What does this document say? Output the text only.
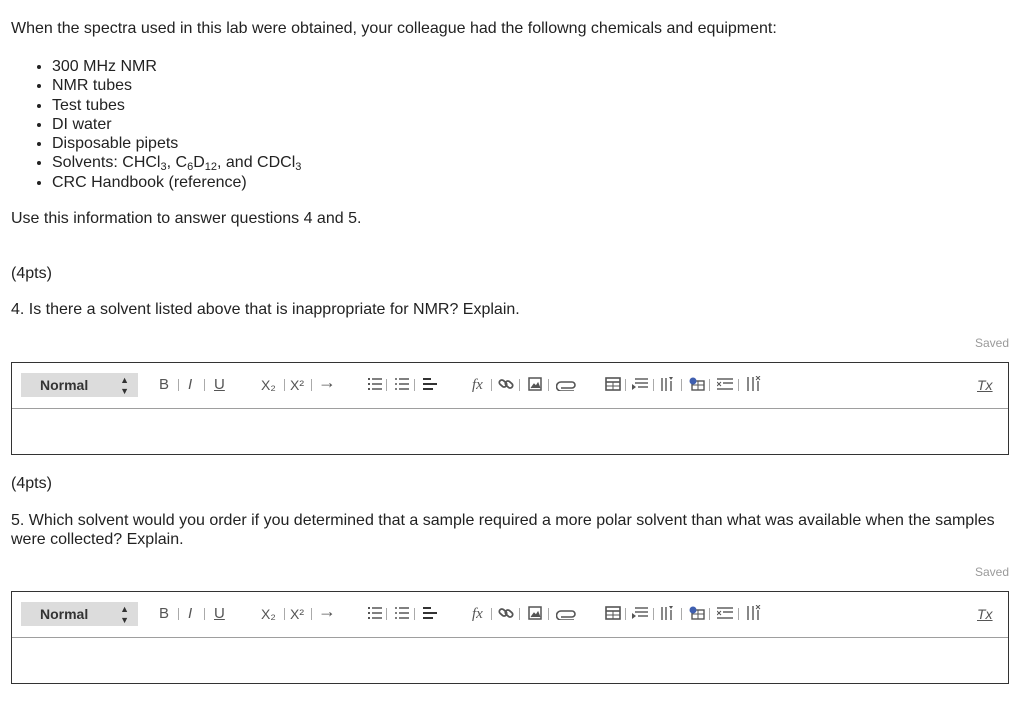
When the spectra used in this lab were obtained, your colleague had the followng chemicals and equipment:
• 300 MHz NMR
• NMR tubes
• Test tubes
• DI water
• Disposable pipets
• Solvents: CHCl$_3$, $C_6D_{12}$, and CDCl$_3$
• CRC Handbook (reference)
Use this information to answer questions 4 and 5.
(4pts)
4. Is there a solvent listed above that is inappropriate for NMR? Explain.
Saved
Normal	▲
▼ B I U	X₂ X² →	fx	Tx
(4pts)
5. Which solvent would you order if you determined that a sample required a more polar solvent than what was available when the samples were collected? Explain.
Saved
Normal	▲
▼ B I U	X₂ X² →	fx	Tx
